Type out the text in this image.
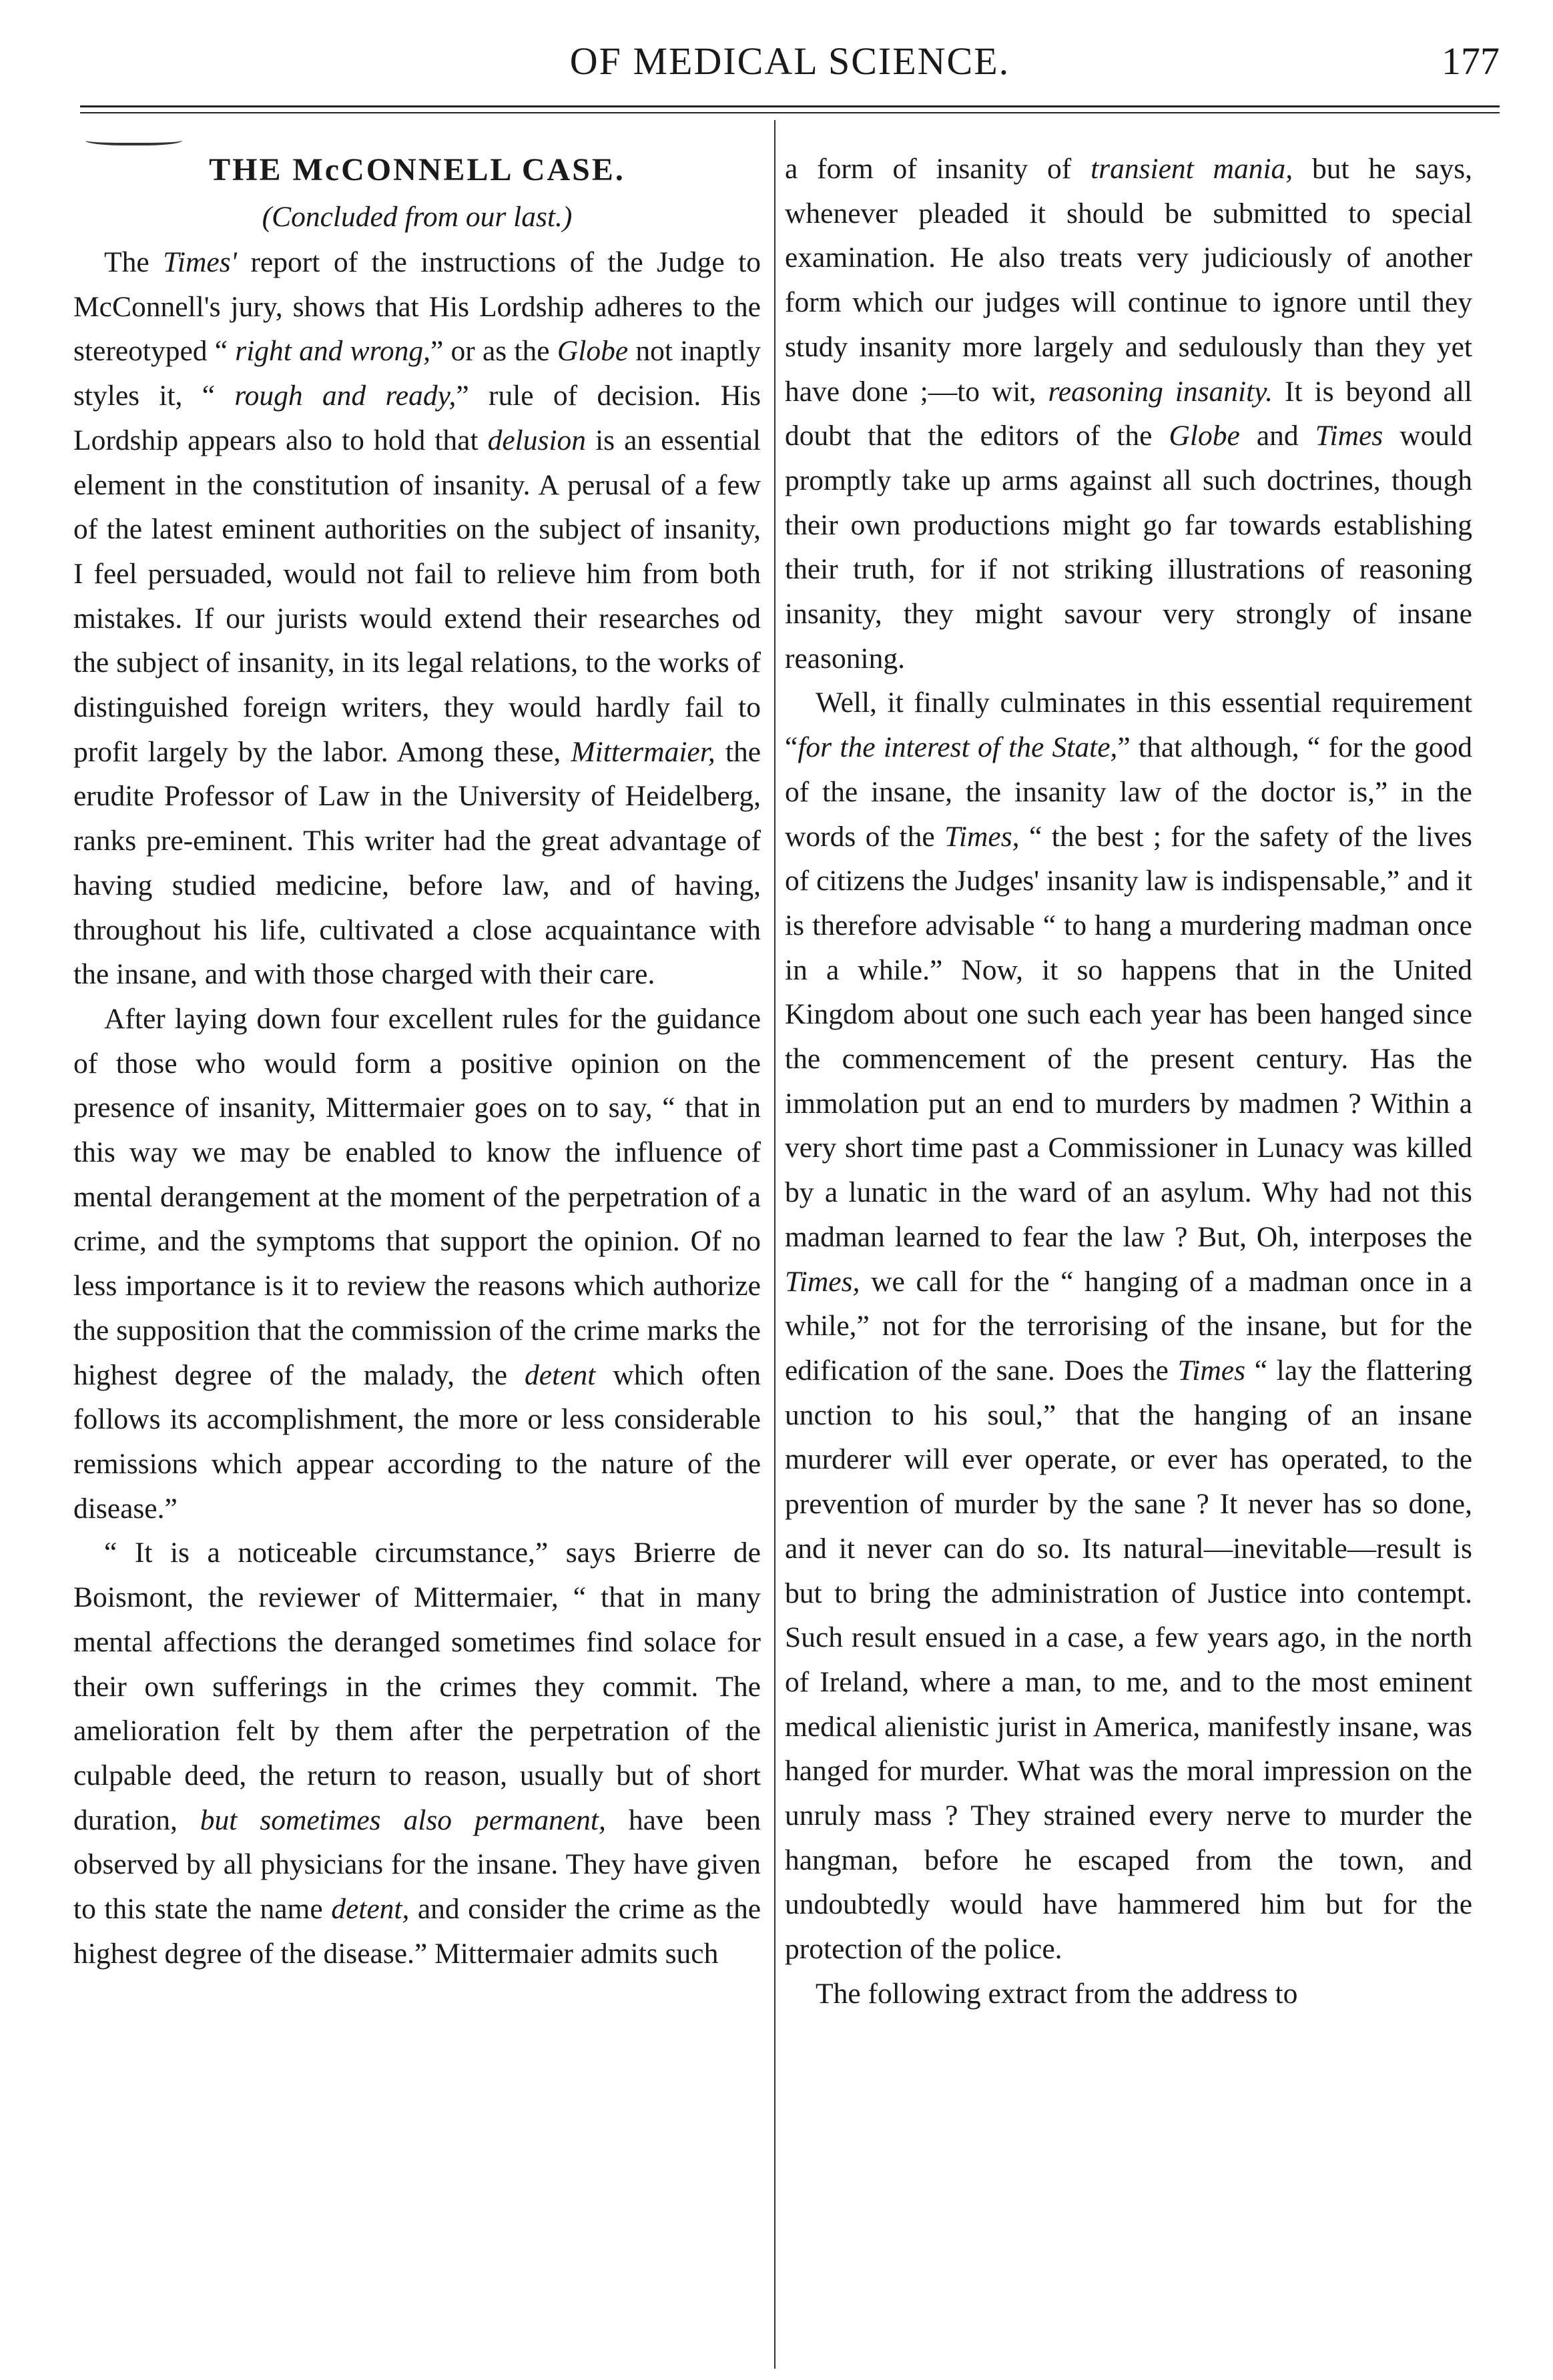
OF MEDICAL SCIENCE.	177
THE McCONNELL CASE.

(Concluded from our last.)

The Times' report of the instructions of the Judge to McConnell's jury, shows that His Lordship adheres to the stereotyped “ right and wrong,” or as the Globe not inaptly styles it, “ rough and ready,” rule of decision. His Lordship appears also to hold that delusion is an essential element in the constitution of insanity. A perusal of a few of the latest eminent authorities on the subject of insanity, I feel persuaded, would not fail to relieve him from both mistakes. If our jurists would extend their researches od the subject of insanity, in its legal relations, to the works of distinguished foreign writers, they would hardly fail to profit largely by the labor. Among these, Mittermaier, the erudite Professor of Law in the University of Heidelberg, ranks pre-eminent. This writer had the great advantage of having studied medicine, before law, and of having, throughout his life, cultivated a close acquaintance with the insane, and with those charged with their care.

After laying down four excellent rules for the guidance of those who would form a positive opinion on the presence of insanity, Mittermaier goes on to say, “ that in this way we may be enabled to know the influence of mental derangement at the moment of the perpetration of a crime, and the symptoms that support the opinion. Of no less importance is it to review the reasons which authorize the supposition that the commission of the crime marks the highest degree of the malady, the detent which often follows its accomplishment, the more or less considerable remissions which appear according to the nature of the disease.”

“ It is a noticeable circumstance,” says Brierre de Boismont, the reviewer of Mittermaier, “ that in many mental affections the deranged sometimes find solace for their own sufferings in the crimes they commit. The amelioration felt by them after the perpetration of the culpable deed, the return to reason, usually but of short duration, but sometimes also permanent, have been observed by all physicians for the insane. They have given to this state the name detent, and consider the crime as the highest degree of the disease.” Mittermaier admits such

a form of insanity of transient mania, but he says, whenever pleaded it should be submitted to special examination. He also treats very judiciously of another form which our judges will continue to ignore until they study insanity more largely and sedulously than they yet have done ;—to wit, reasoning insanity. It is beyond all doubt that the editors of the Globe and Times would promptly take up arms against all such doctrines, though their own productions might go far towards establishing their truth, for if not striking illustrations of reasoning insanity, they might savour very strongly of insane reasoning.

Well, it finally culminates in this essential requirement “for the interest of the State,” that although, “ for the good of the insane, the insanity law of the doctor is,” in the words of the Times, “ the best ; for the safety of the lives of citizens the Judges' insanity law is indispensable,” and it is therefore advisable “ to hang a murdering madman once in a while.” Now, it so happens that in the United Kingdom about one such each year has been hanged since the commencement of the present century. Has the immolation put an end to murders by madmen ? Within a very short time past a Commissioner in Lunacy was killed by a lunatic in the ward of an asylum. Why had not this madman learned to fear the law ? But, Oh, interposes the Times, we call for the “ hanging of a madman once in a while,” not for the terrorising of the insane, but for the edification of the sane. Does the Times “ lay the flattering unction to his soul,” that the hanging of an insane murderer will ever operate, or ever has operated, to the prevention of murder by the sane ? It never has so done, and it never can do so. Its natural—inevitable—result is but to bring the administration of Justice into contempt. Such result ensued in a case, a few years ago, in the north of Ireland, where a man, to me, and to the most eminent medical alienistic jurist in America, manifestly insane, was hanged for murder. What was the moral impression on the unruly mass ? They strained every nerve to murder the hangman, before he escaped from the town, and undoubtedly would have hammered him but for the protection of the police.

The following extract from the address to
